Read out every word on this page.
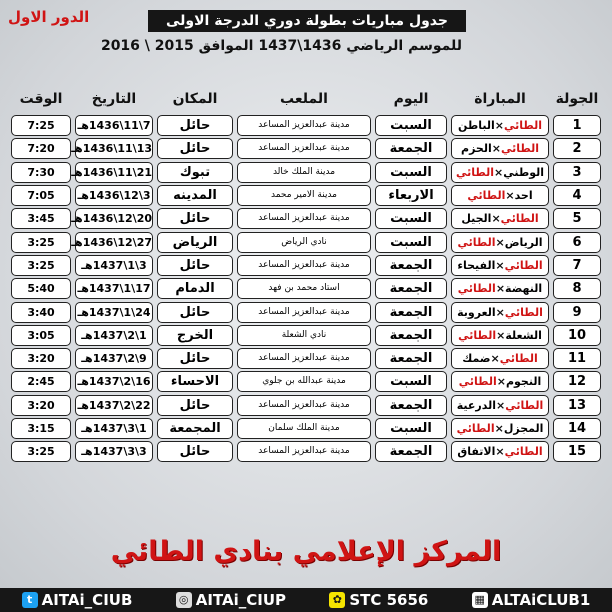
الدور الاول	جدول مباريات بطولة دوري الدرجة الاولى
للموسم الرياضي 1436\1437 الموافق 2015 \ 2016
الجولة	المباراة	اليوم	الملعب	المكان	التاريخ	الوقت

1	الطائي×الباطن	السبت	مدينة عبدالعزيز المساعد	حائل	7\11\1436هـ	7:25

2	الطائي×الحزم	الجمعة	مدينة عبدالعزيز المساعد	حائل	13\11\1436هـ	7:20

3	الوطني×الطائي	السبت	مدينة الملك خالد	تبوك	21\11\1436هـ	7:30

4	احد×الطائي	الاربعاء	مدينة الامير محمد	المدينه	3\12\1436هـ	7:05

5	الطائي×الجيل	السبت	مدينة عبدالعزيز المساعد	حائل	20\12\1436هـ	3:45

6	الرياض×الطائي	السبت	نادي الرياض	الرياض	27\12\1436هـ	3:25

7	الطائي×الفيحاء	الجمعة	مدينة عبدالعزيز المساعد	حائل	3\1\1437هـ	3:25

8	النهضة×الطائي	الجمعة	استاد محمد بن فهد	الدمام	17\1\1437هـ	5:40

9	الطائي×العروبة	الجمعة	مدينة عبدالعزيز المساعد	حائل	24\1\1437هـ	3:40

10	الشعلة×الطائي	الجمعة	نادي الشعلة	الخرج	1\2\1437هـ	3:05

11	الطائي×ضمك	الجمعة	مدينة عبدالعزيز المساعد	حائل	9\2\1437هـ	3:20

12	النجوم×الطائي	السبت	مدينة عبدالله بن جلوي	الاحساء	16\2\1437هـ	2:45

13	الطائي×الدرعية	الجمعة	مدينة عبدالعزيز المساعد	حائل	22\2\1437هـ	3:20

14	المجزل×الطائي	السبت	مدينة الملك سلمان	المجمعة	1\3\1437هـ	3:15

15	الطائي×الاتفاق	الجمعة	مدينة عبدالعزيز المساعد	حائل	3\3\1437هـ	3:25
المركز الإعلامي بنادي الطائي
t AITAi_CIUB	◎ AITAi_CIUP	✿ STC 5656	▦ ALTAiCLUB1
